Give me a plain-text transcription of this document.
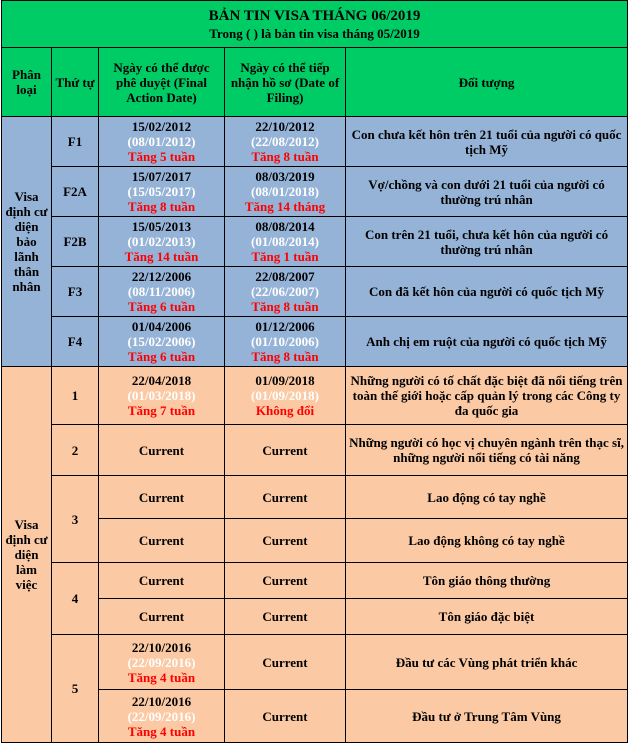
BẢN TIN VISA THÁNG 06/2019
Trong ( ) là bản tin visa tháng 05/2019				

Phân loại	Thứ tự	Ngày có thể được phê duyệt (Final Action Date)	Ngày có thể tiếp nhận hồ sơ (Date of Filing)	Đối tượng
Visa định cư diện bảo lãnh thân nhân	F1	15/02/2012
(08/01/2012)
Tăng 5 tuần	22/10/2012
(22/08/2012)
Tăng 8 tuần	Con chưa kết hôn trên 21 tuổi của người có quốc tịch Mỹ
	F2A	15/07/2017
(15/05/2017)
Tăng 8 tuần	08/03/2019
(08/01/2018)
Tăng 14 tháng	Vợ/chồng và con dưới 21 tuổi của người có thường trú nhân
	F2B	15/05/2013
(01/02/2013)
Tăng 14 tuần	08/08/2014
(01/08/2014)
Tăng 1 tuần	Con trên 21 tuổi, chưa kết hôn của người có thường trú nhân
	F3	22/12/2006
(08/11/2006)
Tăng 6 tuần	22/08/2007
(22/06/2007)
Tăng 8 tuần	Con đã kết hôn của người có quốc tịch Mỹ
	F4	01/04/2006
(15/02/2006)
Tăng 6 tuần	01/12/2006
(01/10/2006)
Tăng 8 tuần	Anh chị em ruột của người có quốc tịch Mỹ
Visa định cư diện làm việc	1	22/04/2018
(01/03/2018)
Tăng 7 tuần	01/09/2018
(01/09/2018)
Không đổi	Những người có tố chất đặc biệt đã nổi tiếng trên toàn thế giới hoặc cấp quản lý trong các Công ty đa quốc gia
	2	Current	Current	Những người có học vị chuyên ngành trên thạc sĩ, những người nổi tiếng có tài năng
	3	Current	Current	Lao động có tay nghề
		Current	Current	Lao động không có tay nghề
	4	Current	Current	Tôn giáo thông thường
		Current	Current	Tôn giáo đặc biệt
	5	22/10/2016
(22/09/2016)
Tăng 4 tuần	Current	Đầu tư các Vùng phát triển khác

		22/10/2016
(22/09/2016)
Tăng 4 tuần	Current	Đầu tư ở Trung Tâm Vùng
